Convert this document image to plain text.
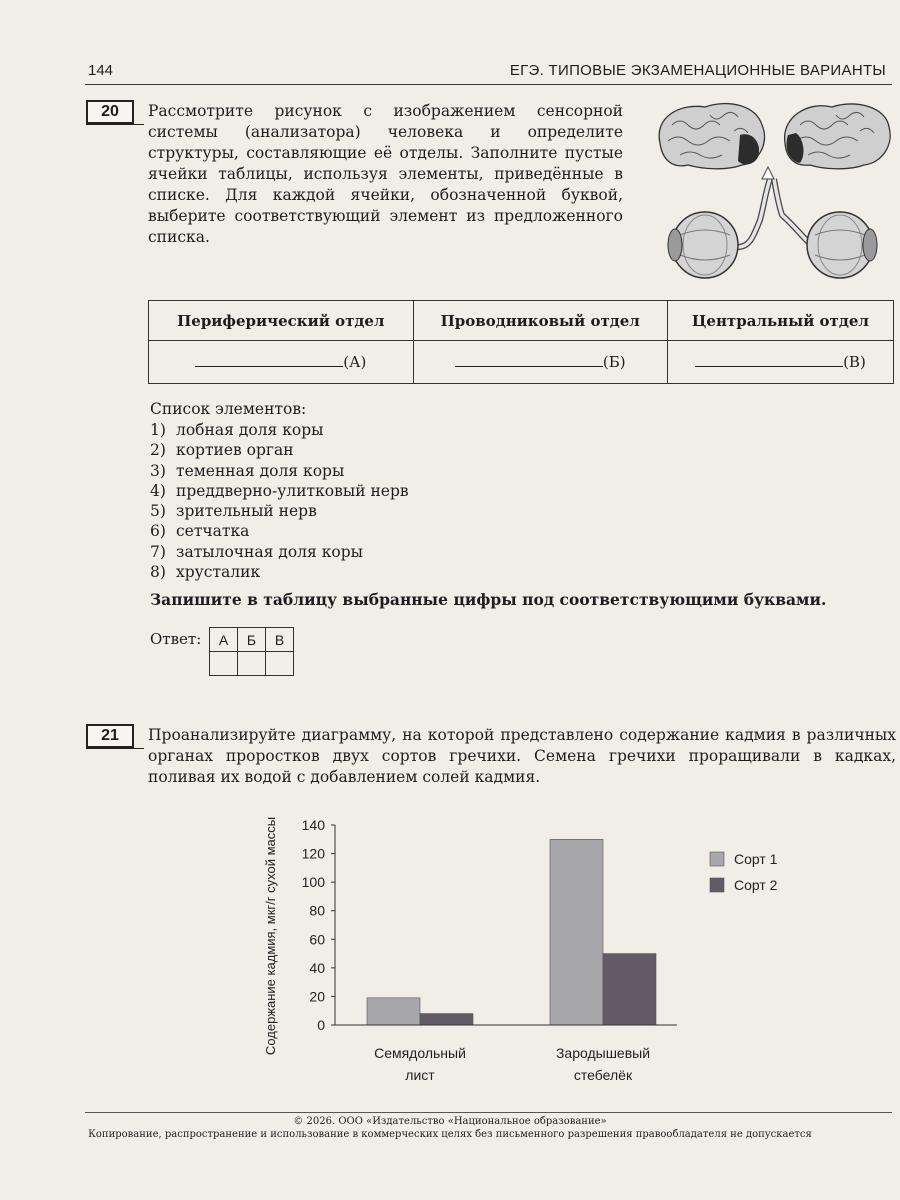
144	ЕГЭ. ТИПОВЫЕ ЭКЗАМЕНАЦИОННЫЕ ВАРИАНТЫ
20	Рассмотрите рисунок с изображением сенсорной системы (анализатора) человека и определите структуры, составляющие её отделы. Заполните пустые ячейки таблицы, используя элементы, приведённые в списке. Для каждой ячейки, обозначенной буквой, выберите соответствующий элемент из предложенного списка.
Периферический отдел	Проводниковый отдел	Центральный отдел
(А)	(Б)	(В)
Список элементов:
1) лобная доля коры
2) кортиев орган
3) теменная доля коры
4) преддверно-улитковый нерв
5) зрительный нерв
6) сетчатка
7) затылочная доля коры
8) хрусталик
Запишите в таблицу выбранные цифры под соответствующими буквами.
Ответ: А	Б	В

21	Проанализируйте диаграмму, на которой представлено содержание кадмия в различных органах проростков двух сортов гречихи. Семена гречихи проращивали в кадках, поливая их водой с добавлением солей кадмия.
Содержание кадмия, мкг/г сухой массы	0
20
40
60
80
100
120
140
Семядольный
лист
Зародышевый
стебелёк
Сорт 1
Сорт 2
© 2026. ООО «Издательство «Национальное образование»
Копирование, распространение и использование в коммерческих целях без письменного разрешения правообладателя не допускается
